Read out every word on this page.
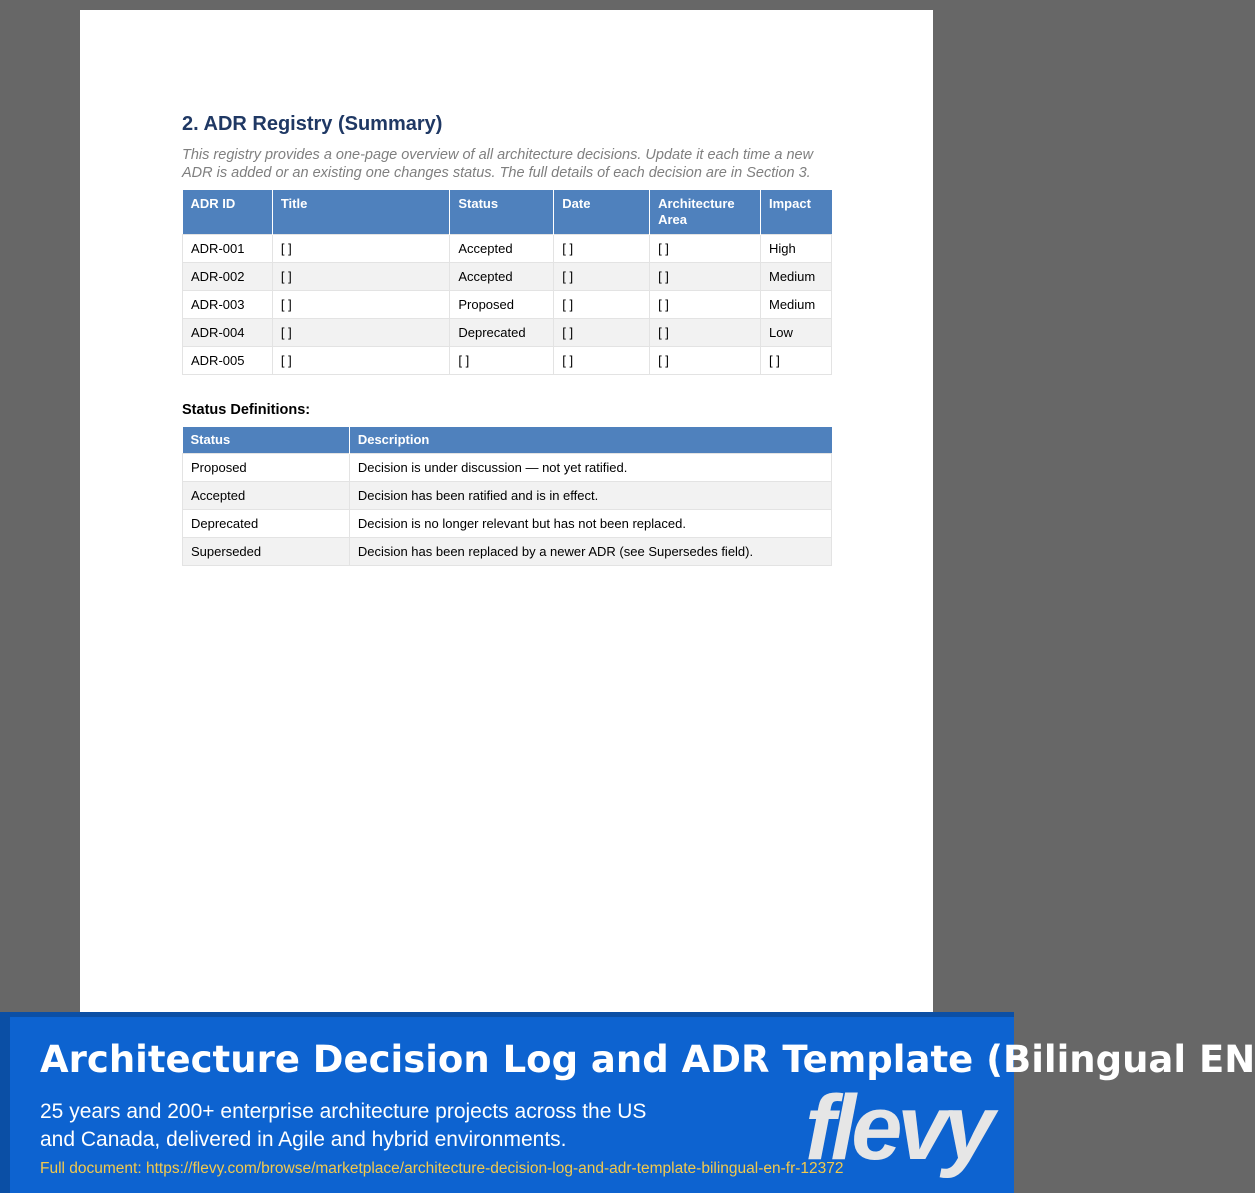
2. ADR Registry (Summary)

This registry provides a one-page overview of all architecture decisions. Update it each time a new ADR is added or an existing one changes status. The full details of each decision are in Section 3.

ADR ID	Title	Status	Date	Architecture Area	Impact
ADR-001	[ ]	Accepted	[ ]	[ ]	High
ADR-002	[ ]	Accepted	[ ]	[ ]	Medium
ADR-003	[ ]	Proposed	[ ]	[ ]	Medium
ADR-004	[ ]	Deprecated	[ ]	[ ]	Low
ADR-005	[ ]	[ ]	[ ]	[ ]	[ ]

Status Definitions:

Status	Description
Proposed	Decision is under discussion — not yet ratified.
Accepted	Decision has been ratified and is in effect.
Deprecated	Decision is no longer relevant but has not been replaced.
Superseded	Decision has been replaced by a newer ADR (see Supersedes field).
Architecture Decision Log and ADR Template (Bilingual EN
25 years and 200+ enterprise architecture projects across the US and Canada, delivered in Agile and hybrid environments.	flevy
Full document: https://flevy.com/browse/marketplace/architecture-decision-log-and-adr-template-bilingual-en-fr-12372
